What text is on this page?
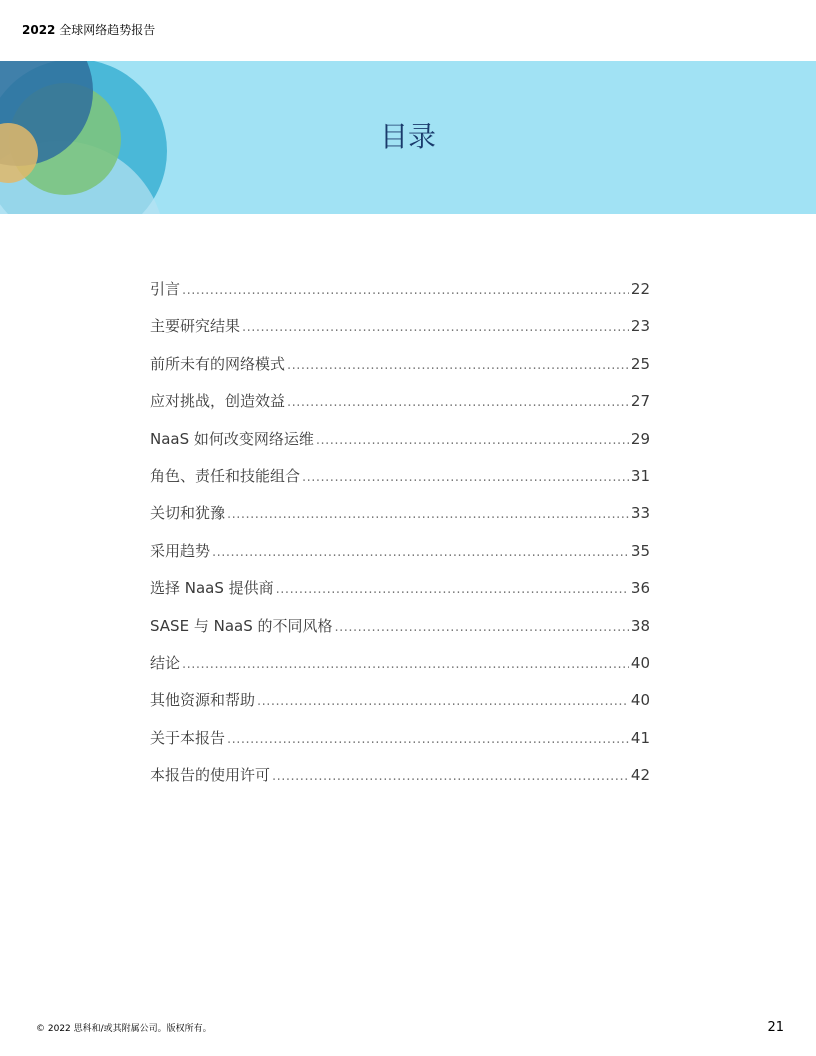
2022 全球网络趋势报告
目录
引言 .....	22
主要研究结果 .....	23
前所未有的网络模式 .....	25
应对挑战，创造效益 .....	27
NaaS 如何改变网络运维 .....	29
角色、责任和技能组合 .....	31
关切和犹豫 .....	33
采用趋势 .....	35
选择 NaaS 提供商 .....	36
SASE 与 NaaS 的不同风格 .....	38
结论 .....	40
其他资源和帮助 .....	40
关于本报告 .....	41
本报告的使用许可 .....	42
© 2022 思科和/或其附属公司。版权所有。	21
